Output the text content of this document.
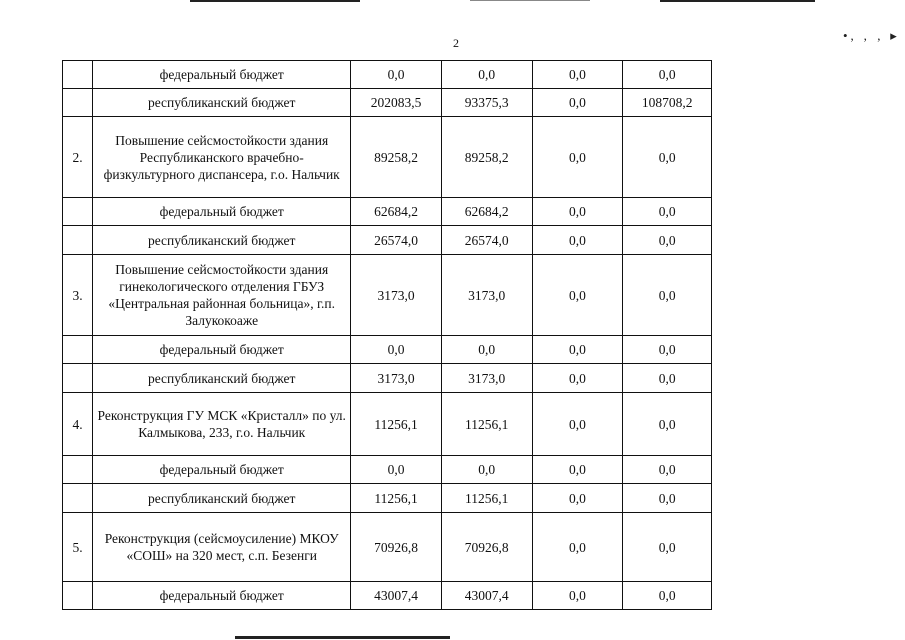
•, ‚ ‚ ▸
2
	федеральный бюджет	0,0	0,0	0,0	0,0
	республиканский бюджет	202083,5	93375,3	0,0	108708,2
2.	Повышение сейсмостойкости здания Республиканского врачебно-физкультурного диспансера, г.о. Нальчик	89258,2	89258,2	0,0	0,0
	федеральный бюджет	62684,2	62684,2	0,0	0,0
	республиканский бюджет	26574,0	26574,0	0,0	0,0
3.	Повышение сейсмостойкости здания гинекологического отделения ГБУЗ «Центральная районная больница», г.п. Залукокоаже	3173,0	3173,0	0,0	0,0
	федеральный бюджет	0,0	0,0	0,0	0,0
	республиканский бюджет	3173,0	3173,0	0,0	0,0
4.	Реконструкция ГУ МСК «Кристалл» по ул. Калмыкова, 233, г.о. Нальчик	11256,1	11256,1	0,0	0,0
	федеральный бюджет	0,0	0,0	0,0	0,0
	республиканский бюджет	11256,1	11256,1	0,0	0,0
5.	Реконструкция (сейсмоусиление) МКОУ «СОШ» на 320 мест, с.п. Безенги	70926,8	70926,8	0,0	0,0
	федеральный бюджет	43007,4	43007,4	0,0	0,0
